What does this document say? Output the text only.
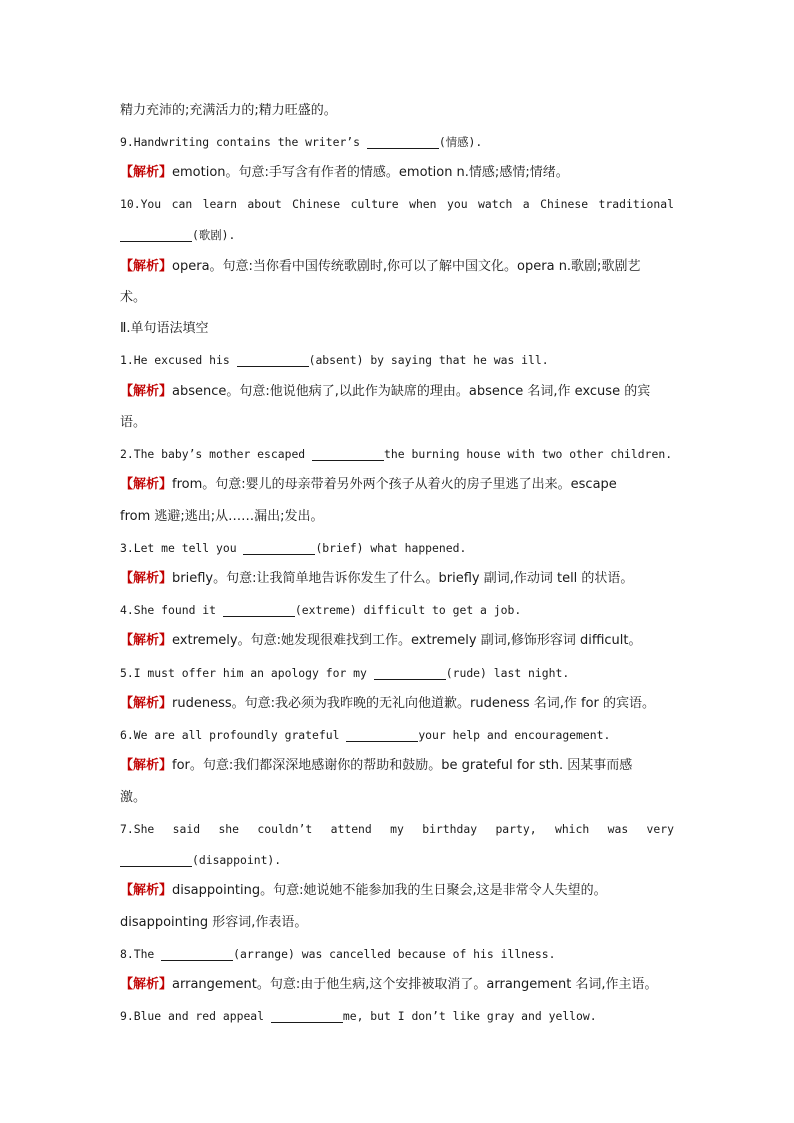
精力充沛的;充满活力的;精力旺盛的。
9.Handwriting contains the writer’s	(情感).
【解析】emotion。句意:手写含有作者的情感。emotion n.情感;感情;情绪。
10.You can learn about Chinese culture when you watch a Chinese traditional
(歌剧).
【解析】opera。句意:当你看中国传统歌剧时,你可以了解中国文化。opera n.歌剧;歌剧艺
术。
Ⅱ.单句语法填空
1.He excused his	(absent) by saying that he was ill.
【解析】absence。句意:他说他病了,以此作为缺席的理由。absence 名词,作 excuse 的宾
语。
2.The baby’s mother escaped	the burning house with two other children.
【解析】from。句意:婴儿的母亲带着另外两个孩子从着火的房子里逃了出来。escape
from 逃避;逃出;从……漏出;发出。
3.Let me tell you	(brief) what happened.
【解析】briefly。句意:让我简单地告诉你发生了什么。briefly 副词,作动词 tell 的状语。
4.She found it	(extreme) difficult to get a job.
【解析】extremely。句意:她发现很难找到工作。extremely 副词,修饰形容词 difficult。
5.I must offer him an apology for my	(rude) last night.
【解析】rudeness。句意:我必须为我昨晚的无礼向他道歉。rudeness 名词,作 for 的宾语。
6.We are all profoundly grateful	your help and encouragement.
【解析】for。句意:我们都深深地感谢你的帮助和鼓励。be grateful for sth. 因某事而感
激。
7.She said she couldn’t attend my birthday party, which was very
(disappoint).
【解析】disappointing。句意:她说她不能参加我的生日聚会,这是非常令人失望的。
disappointing 形容词,作表语。
8.The	(arrange) was cancelled because of his illness.
【解析】arrangement。句意:由于他生病,这个安排被取消了。arrangement 名词,作主语。
9.Blue and red appeal	me, but I don’t like gray and yellow.
